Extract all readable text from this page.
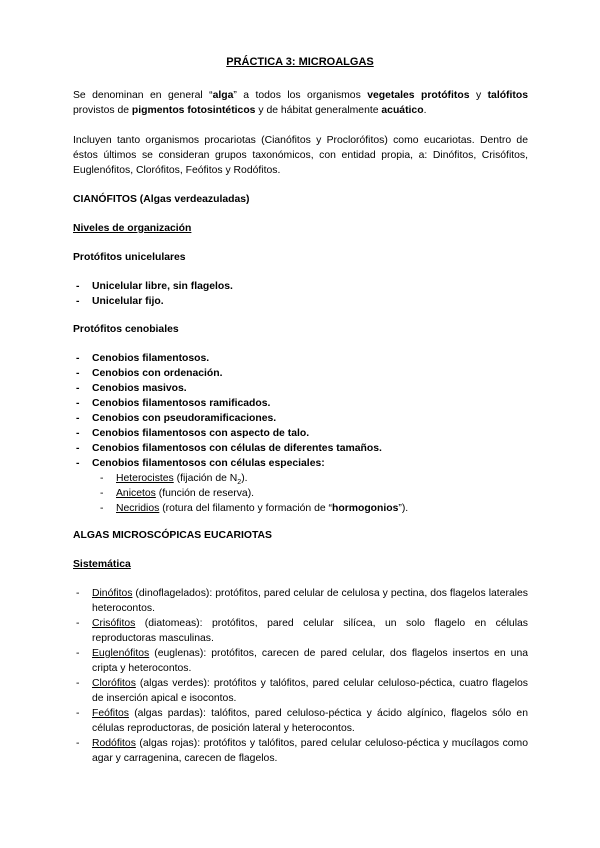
PRÁCTICA 3: MICROALGAS
Se denominan en general “alga” a todos los organismos vegetales protófitos y talófitos provistos de pigmentos fotosintéticos y de hábitat generalmente acuático.
Incluyen tanto organismos procariotas (Cianófitos y Proclorófitos) como eucariotas. Dentro de éstos últimos se consideran grupos taxonómicos, con entidad propia, a: Dinófitos, Crisófitos, Euglenófitos, Clorófitos, Feófitos y Rodófitos.
CIANÓFITOS (Algas verdeazuladas)
Niveles de organización
Protófitos unicelulares
- Unicelular libre, sin flagelos.
- Unicelular fijo.
Protófitos cenobiales
- Cenobios filamentosos.
- Cenobios con ordenación.
- Cenobios masivos.
- Cenobios filamentosos ramificados.
- Cenobios con pseudoramificaciones.
- Cenobios filamentosos con aspecto de talo.
- Cenobios filamentosos con células de diferentes tamaños.
- Cenobios filamentosos con células especiales:
- Heterocistes (fijación de $N_2$).
- Anicetos (función de reserva).
- Necridios (rotura del filamento y formación de “hormogonios”).
ALGAS MICROSCÓPICAS EUCARIOTAS
Sistemática
- Dinófitos (dinoflagelados): protófitos, pared celular de celulosa y pectina, dos flagelos laterales heterocontos.
- Crisófitos (diatomeas): protófitos, pared celular silícea, un solo flagelo en células reproductoras masculinas.
- Euglenófitos (euglenas): protófitos, carecen de pared celular, dos flagelos insertos en una cripta y heterocontos.
- Clorófitos (algas verdes): protófitos y talófitos, pared celular celuloso-péctica, cuatro flagelos de inserción apical e isocontos.
- Feófitos (algas pardas): talófitos, pared celuloso-péctica y ácido algínico, flagelos sólo en células reproductoras, de posición lateral y heterocontos.
- Rodófitos (algas rojas): protófitos y talófitos, pared celular celuloso-péctica y mucílagos como agar y carragenina, carecen de flagelos.
